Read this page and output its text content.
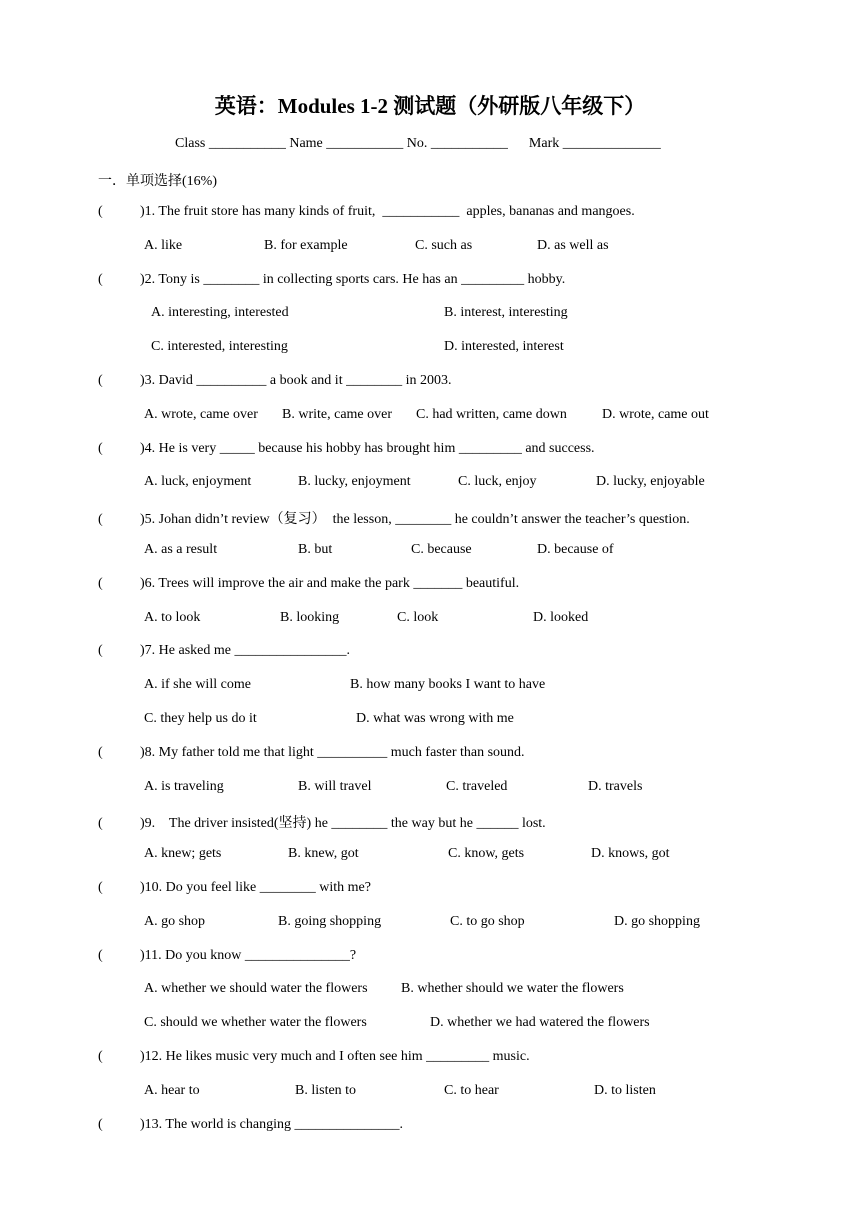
英语：Modules 1-2 测试题（外研版八年级下）
Class ___________ Name ___________ No. ___________ Mark ______________
一．单项选择(16%)
(	)1. The fruit store has many kinds of fruit,  ___________  apples, bananas and mangoes.
A. like	B. for example	C. such as	D. as well as
(	)2. Tony is ________ in collecting sports cars. He has an _________ hobby.
A. interesting, interested	B. interest, interesting
C. interested, interesting	D. interested, interest
(	)3. David __________ a book and it ________ in 2003.
A. wrote, came over B. write, came over C. had written, came down	D. wrote, came out
(	)4. He is very _____ because his hobby has brought him _________ and success.
A. luck, enjoyment	B. lucky, enjoyment	C. luck, enjoy	D. lucky, enjoyable
(	)5. Johan didn’t review（复习）  the lesson, ________ he couldn’t answer the teacher’s question.
A. as a result	B. but	C. because	D. because of
(	)6. Trees will improve the air and make the park _______ beautiful.
A. to look	B. looking	C. look	D. looked
(	)7. He asked me ________________.
A. if she will come	B. how many books I want to have
C. they help us do it	D. what was wrong with me
(	)8. My father told me that light __________ much faster than sound.
A. is traveling	B. will travel	C. traveled	D. travels
(	)9.    The driver insisted(坚持) he ________ the way but he ______ lost.
A. knew; gets	B. knew, got	C. know, gets	D. knows, got
(	)10. Do you feel like ________ with me?
A. go shop	B. going shopping	C. to go shop	D. go shopping
(	)11. Do you know _______________?
A. whether we should water the flowers B. whether should we water the flowers
C. should we whether water the flowers	D. whether we had watered the flowers
(	)12. He likes music very much and I often see him _________ music.
A. hear to	B. listen to	C. to hear	D. to listen
(	)13. The world is changing _______________.
